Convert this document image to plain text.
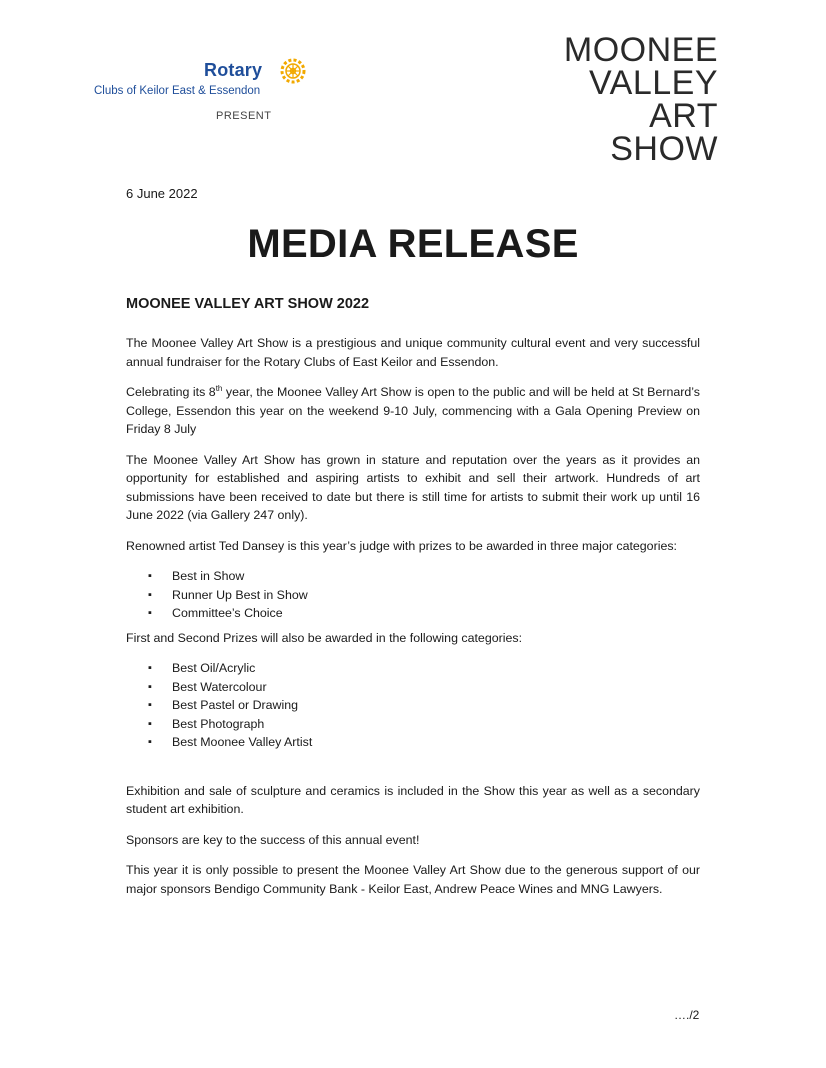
Rotary
Clubs of Keilor East & Essendon
PRESENT
MOONEE
VALLEY
ART
SHOW
6 June 2022
MEDIA RELEASE
MOONEE VALLEY ART SHOW 2022

The Moonee Valley Art Show is a prestigious and unique community cultural event and very successful annual fundraiser for the Rotary Clubs of East Keilor and Essendon.

Celebrating its 8th year, the Moonee Valley Art Show is open to the public and will be held at St Bernard’s College, Essendon this year on the weekend 9-10 July, commencing with a Gala Opening Preview on Friday 8 July

The Moonee Valley Art Show has grown in stature and reputation over the years as it provides an opportunity for established and aspiring artists to exhibit and sell their artwork. Hundreds of art submissions have been received to date but there is still time for artists to submit their work up until 16 June 2022 (via Gallery 247 only).

Renowned artist Ted Dansey is this year’s judge with prizes to be awarded in three major categories:

▪ Best in Show
▪ Runner Up Best in Show
▪ Committee’s Choice

First and Second Prizes will also be awarded in the following categories:

▪ Best Oil/Acrylic
▪ Best Watercolour
▪ Best Pastel or Drawing
▪ Best Photograph
▪ Best Moonee Valley Artist

Exhibition and sale of sculpture and ceramics is included in the Show this year as well as a secondary student art exhibition.

Sponsors are key to the success of this annual event!

This year it is only possible to present the Moonee Valley Art Show due to the generous support of our major sponsors Bendigo Community Bank - Keilor East, Andrew Peace Wines and MNG Lawyers.

…./2
